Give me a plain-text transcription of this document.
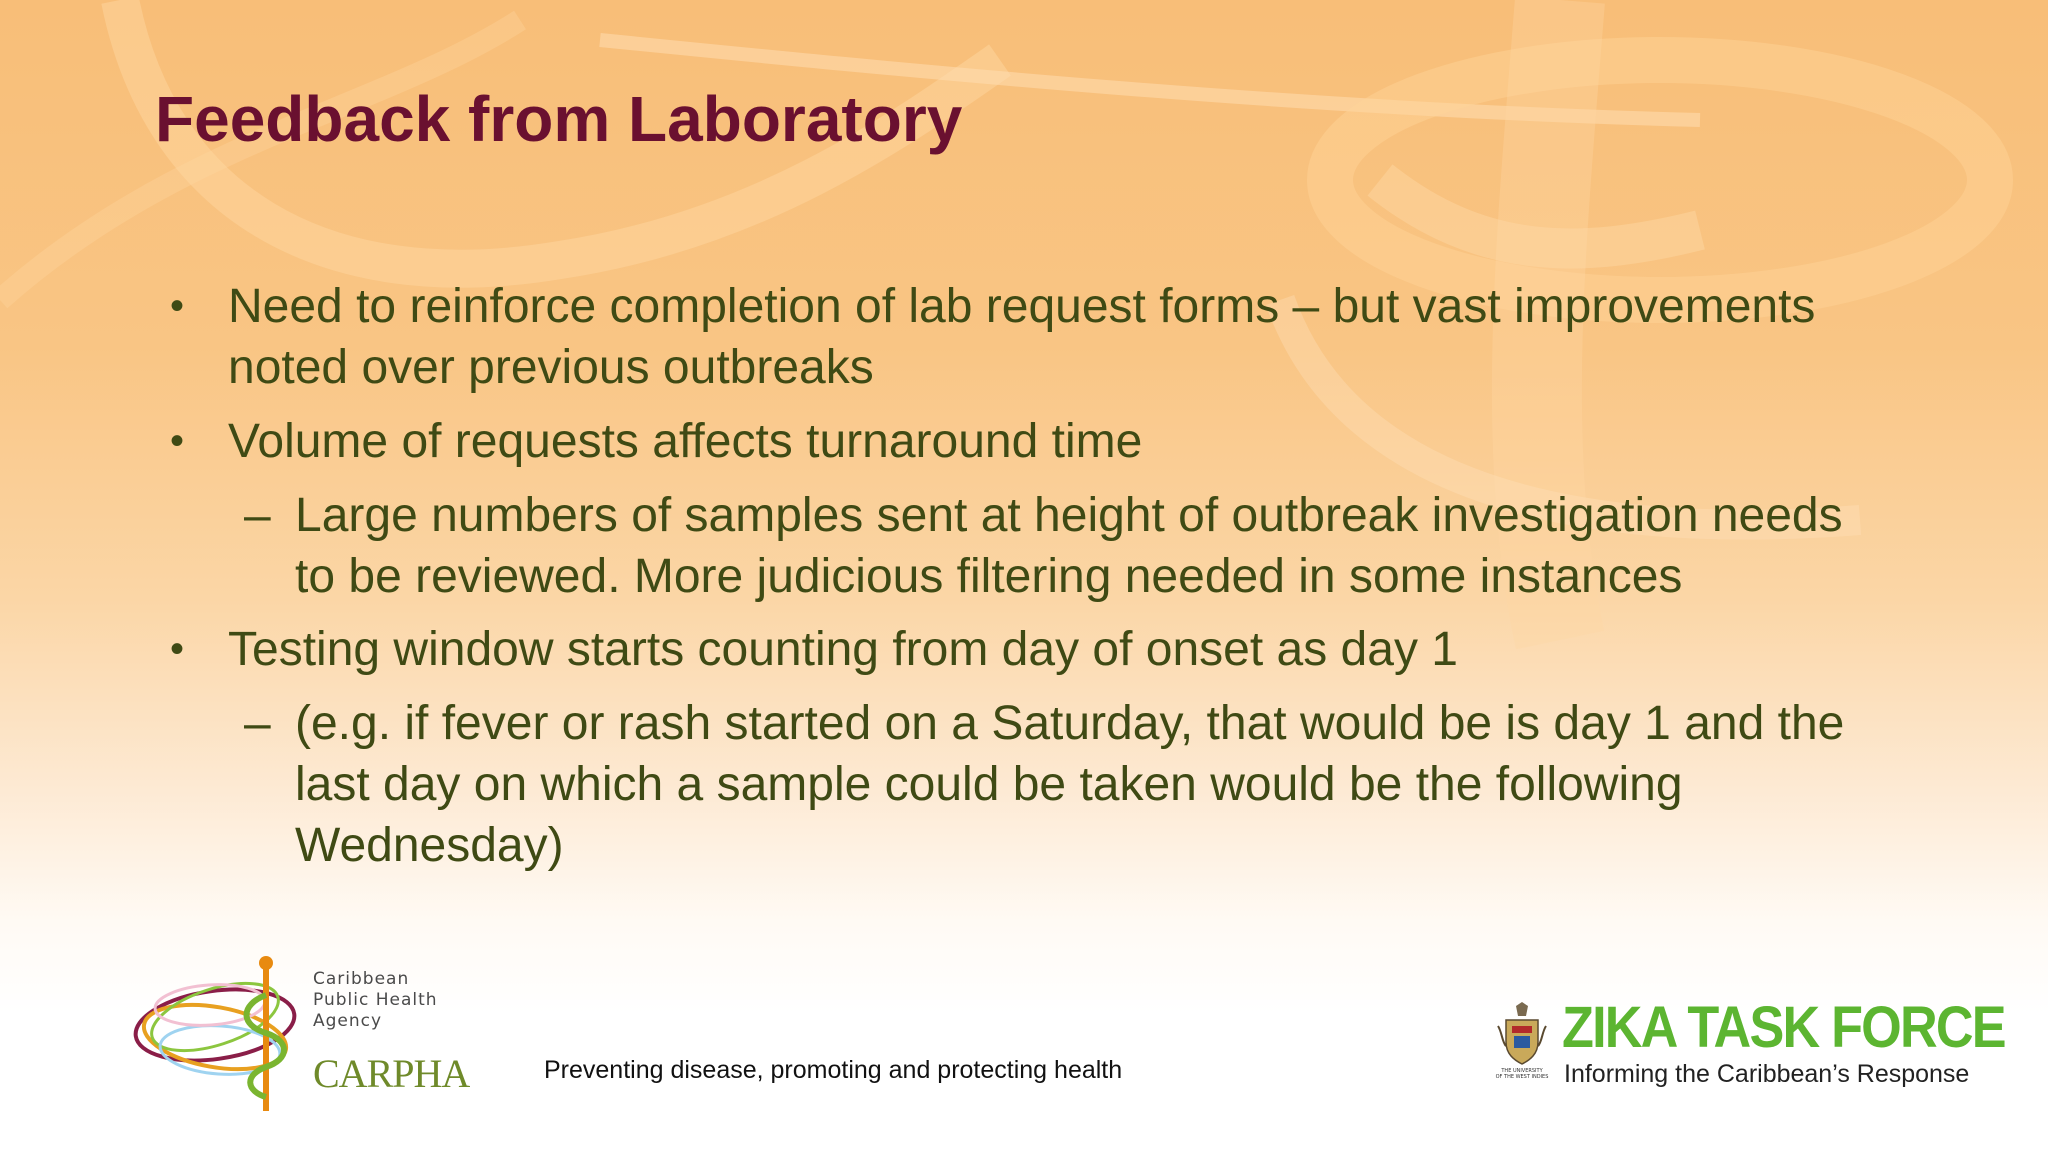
Feedback from Laboratory
• Need to reinforce completion of lab request forms – but vast improvements noted over previous outbreaks
• Volume of requests affects turnaround time
– Large numbers of samples sent at height of outbreak investigation needs to be reviewed. More judicious filtering needed in some instances
• Testing window starts counting from day of onset as day 1
– (e.g. if fever or rash started on a Saturday, that would be is day 1 and the last day on which a sample could be taken would be the following Wednesday)
Caribbean
Public Health
Agency
CARPHA	Preventing disease, promoting and protecting health	THE UNIVERSITY
OF THE WEST INDIES
ZIKA TASK FORCE
Informing the Caribbean’s Response
